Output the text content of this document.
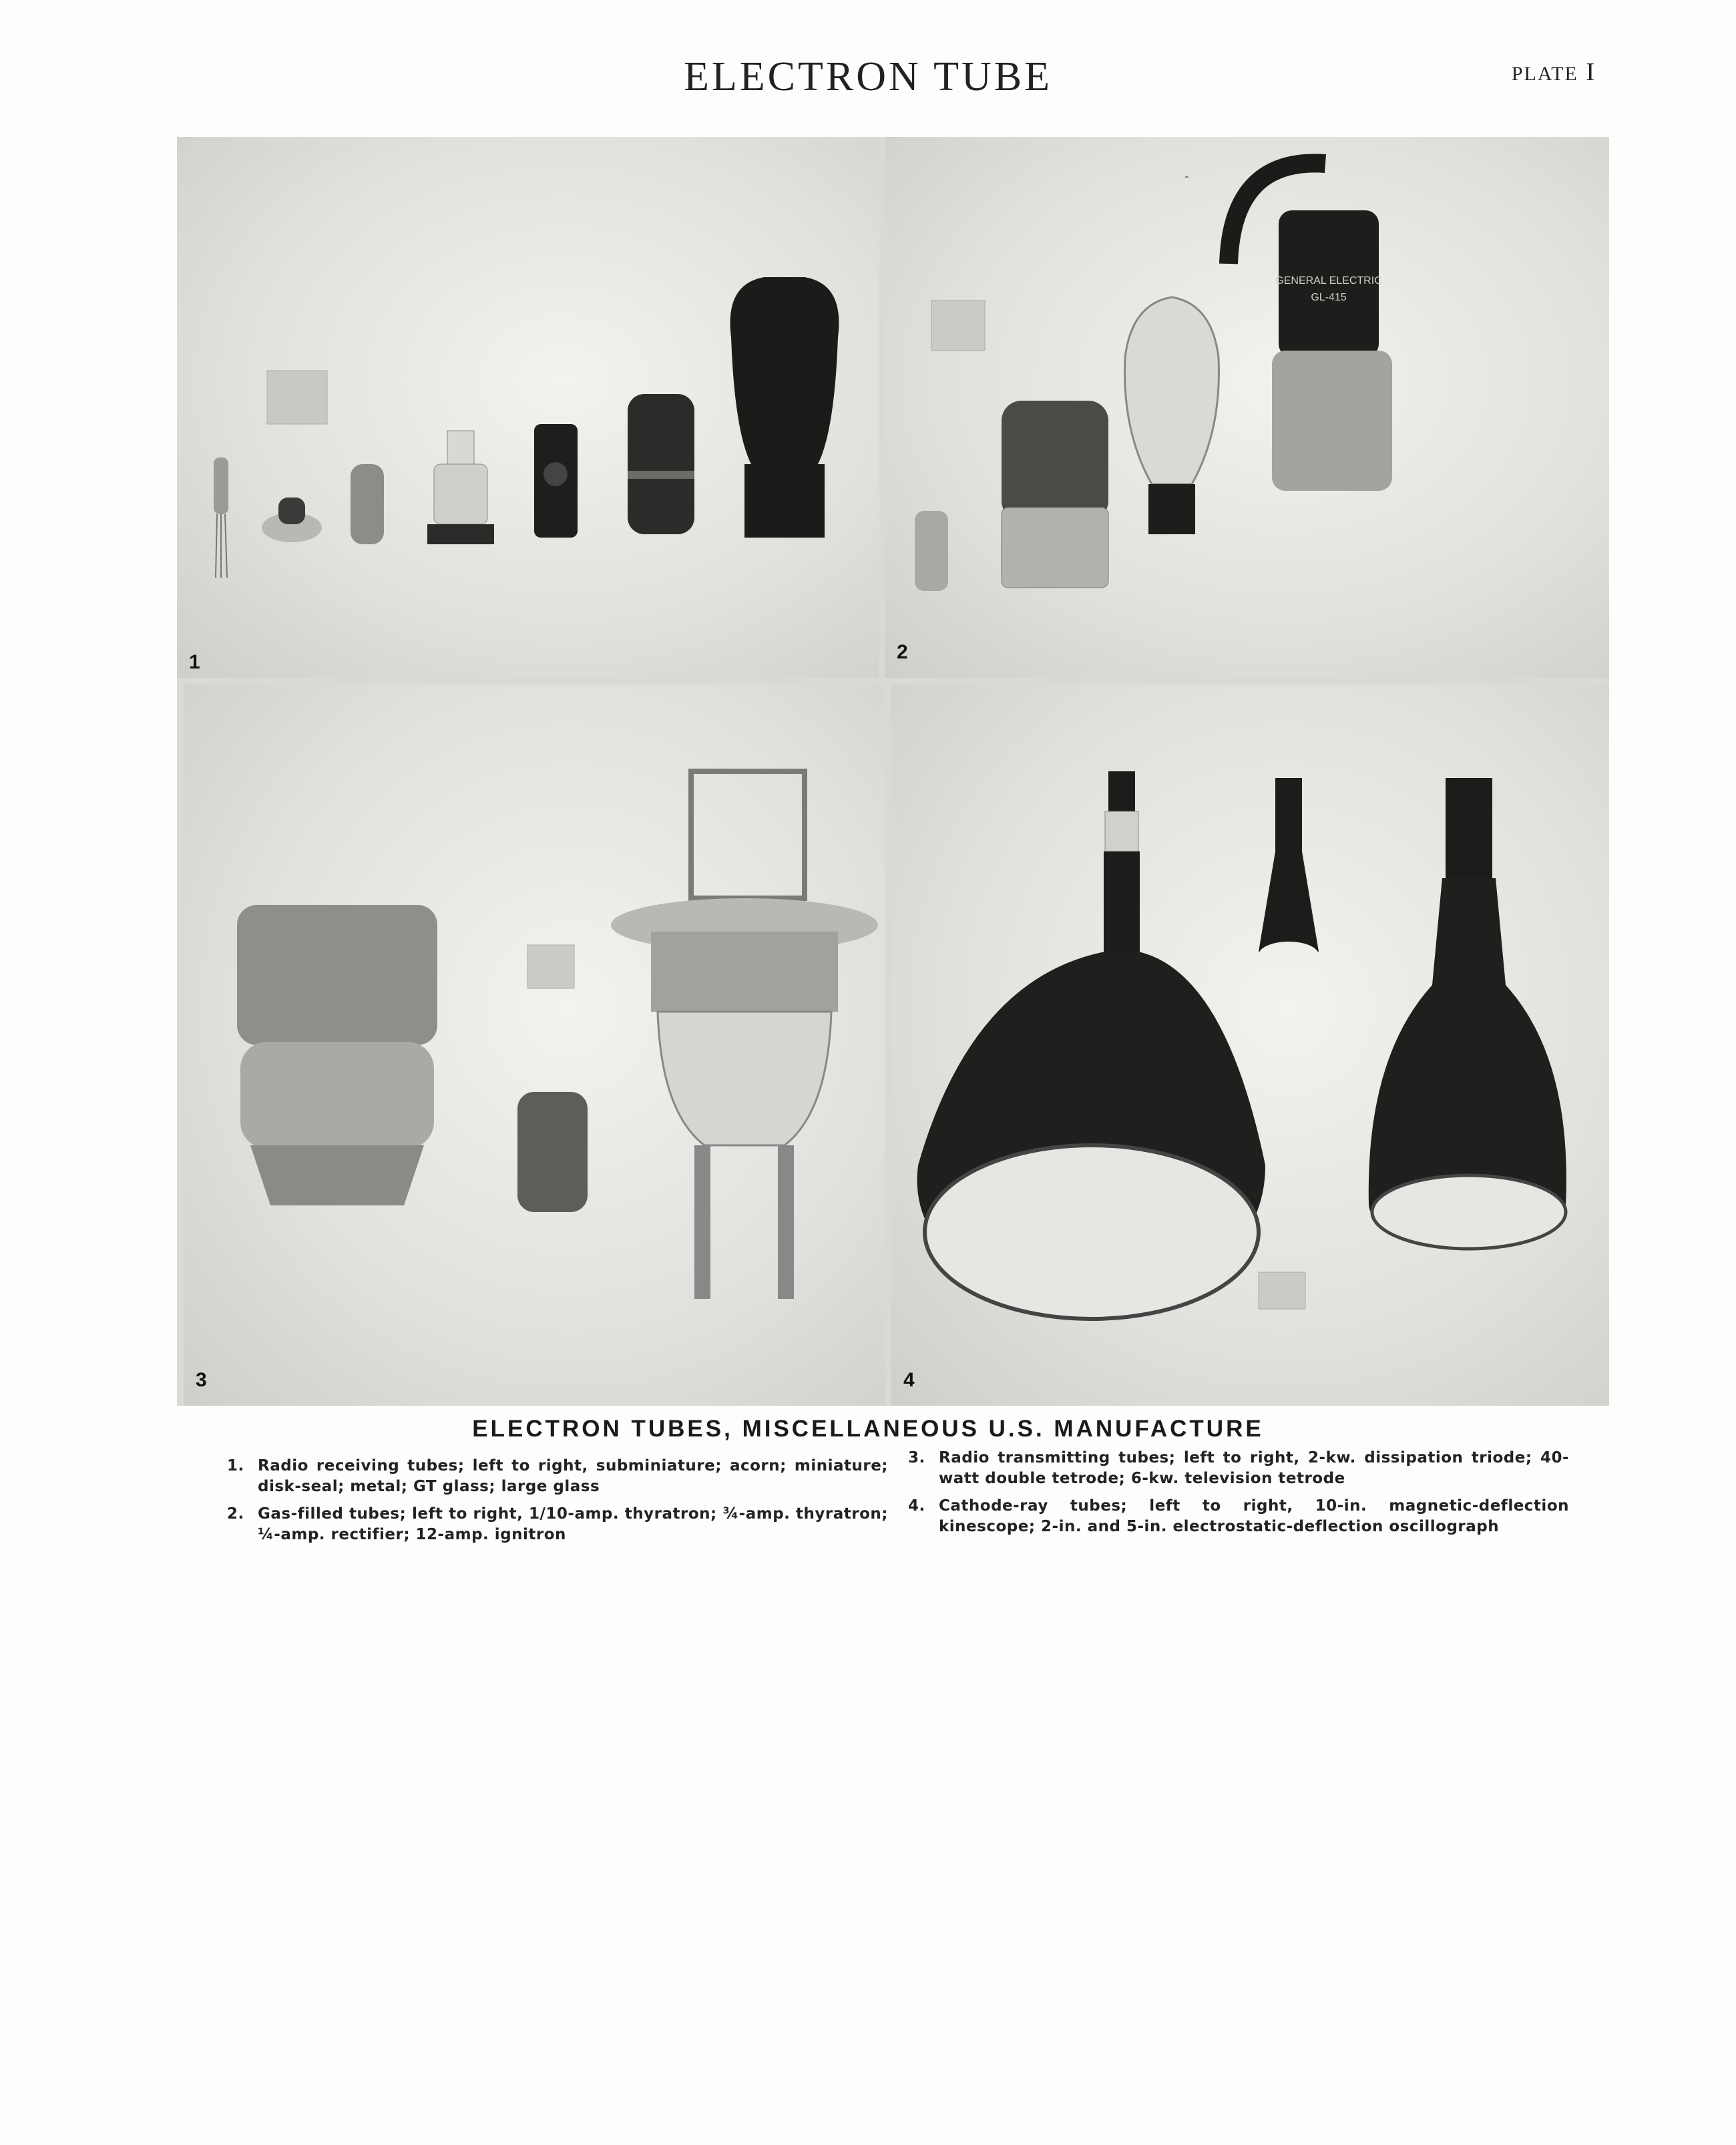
ELECTRON TUBE	PLATE I
1
GENERAL ELECTRIC
GL-415
2
3	4
ELECTRON TUBES, MISCELLANEOUS U.S. MANUFACTURE
1. Radio receiving tubes; left to right, subminiature; acorn; miniature; disk-seal; metal; GT glass; large glass
2. Gas-filled tubes; left to right, 1/10-amp. thyratron; ¾-amp. thyratron; ¼-amp. rectifier; 12-amp. ignitron
3. Radio transmitting tubes; left to right, 2-kw. dissipation triode; 40-watt double tetrode; 6-kw. television tetrode
4. Cathode-ray tubes; left to right, 10-in. magnetic-deflection kinescope; 2-in. and 5-in. electrostatic-deflection oscillograph
